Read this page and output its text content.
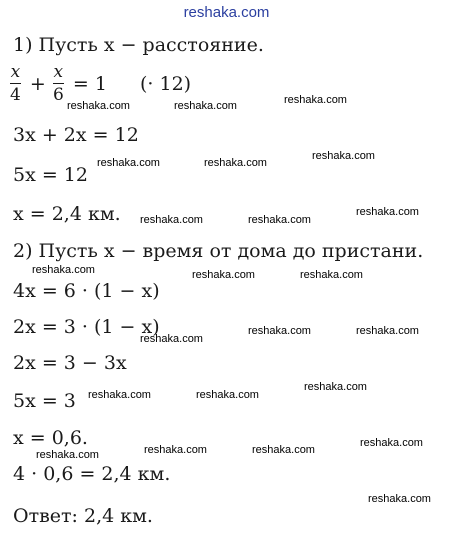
reshaka.com
1) Пусть x − расстояние.
$\frac{x}{4} + \frac{x}{6} = 1$ (· 12)
3x + 2x = 12
5x = 12
x = 2,4 км.
2) Пусть x − время от дома до пристани.
4x = 6 · (1 − x)
2x = 3 · (1 − x)
2x = 3 − 3x
5x = 3
x = 0,6.
4 · 0,6 = 2,4 км.
Ответ: 2,4 км.
reshaka.com	reshaka.com	reshaka.com
reshaka.com	reshaka.com
reshaka.com
reshaka.com	reshaka.com
reshaka.com
reshaka.com	reshaka.com	reshaka.com
reshaka.com
reshaka.com	reshaka.com
reshaka.com
reshaka.com	reshaka.com
reshaka.com	reshaka.com	reshaka.com
reshaka.com
reshaka.com
